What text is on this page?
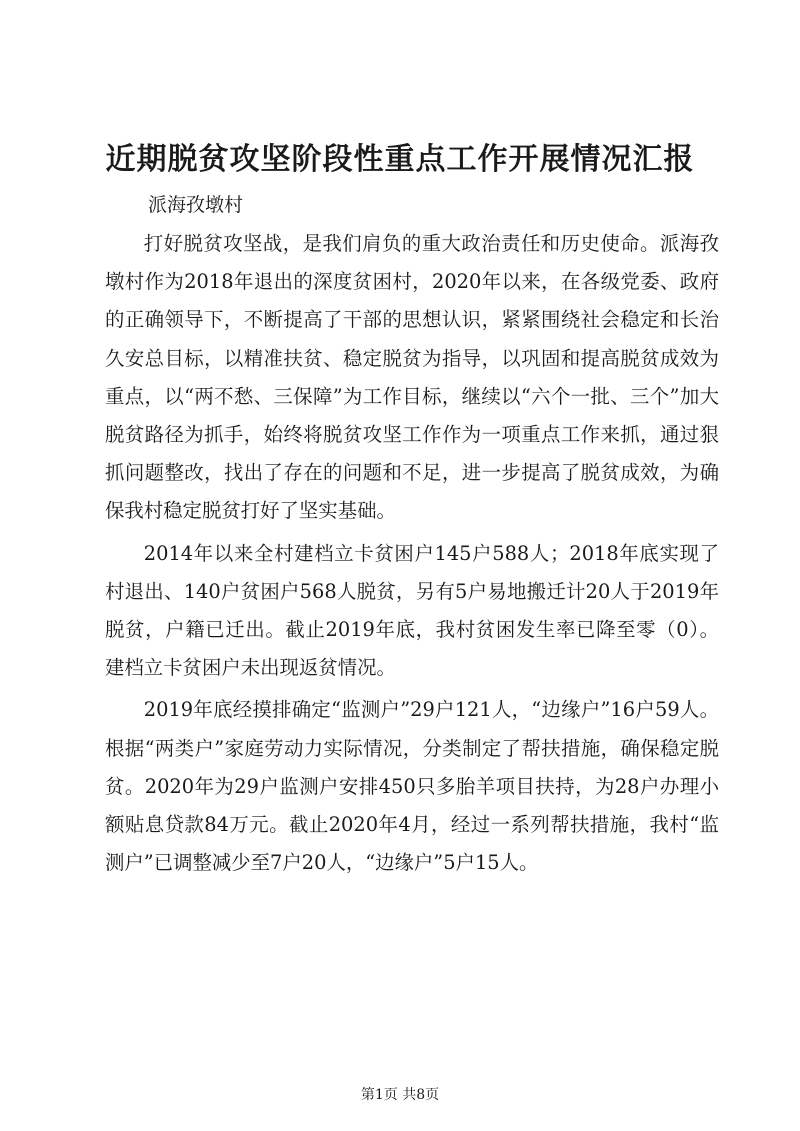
近期脱贫攻坚阶段性重点工作开展情况汇报

派海孜墩村

打好脱贫攻坚战，是我们肩负的重大政治责任和历史使命。派海孜墩村作为2018年退出的深度贫困村，2020年以来，在各级党委、政府的正确领导下，不断提高了干部的思想认识，紧紧围绕社会稳定和长治久安总目标，以精准扶贫、稳定脱贫为指导，以巩固和提高脱贫成效为重点，以“两不愁、三保障”为工作目标，继续以“六个一批、三个”加大脱贫路径为抓手，始终将脱贫攻坚工作作为一项重点工作来抓，通过狠抓问题整改，找出了存在的问题和不足，进一步提高了脱贫成效，为确保我村稳定脱贫打好了坚实基础。

2014年以来全村建档立卡贫困户145户588人；2018年底实现了村退出、140户贫困户568人脱贫，另有5户易地搬迁计20人于2019年脱贫，户籍已迁出。截止2019年底，我村贫困发生率已降至零（0）。建档立卡贫困户未出现返贫情况。

2019年底经摸排确定“监测户”29户121人，“边缘户”16户59人。根据“两类户”家庭劳动力实际情况，分类制定了帮扶措施，确保稳定脱贫。2020年为29户监测户安排450只多胎羊项目扶持，为28户办理小额贴息贷款84万元。截止2020年4月，经过一系列帮扶措施，我村“监测户”已调整减少至7户20人，“边缘户”5户15人。

第1页 共8页
